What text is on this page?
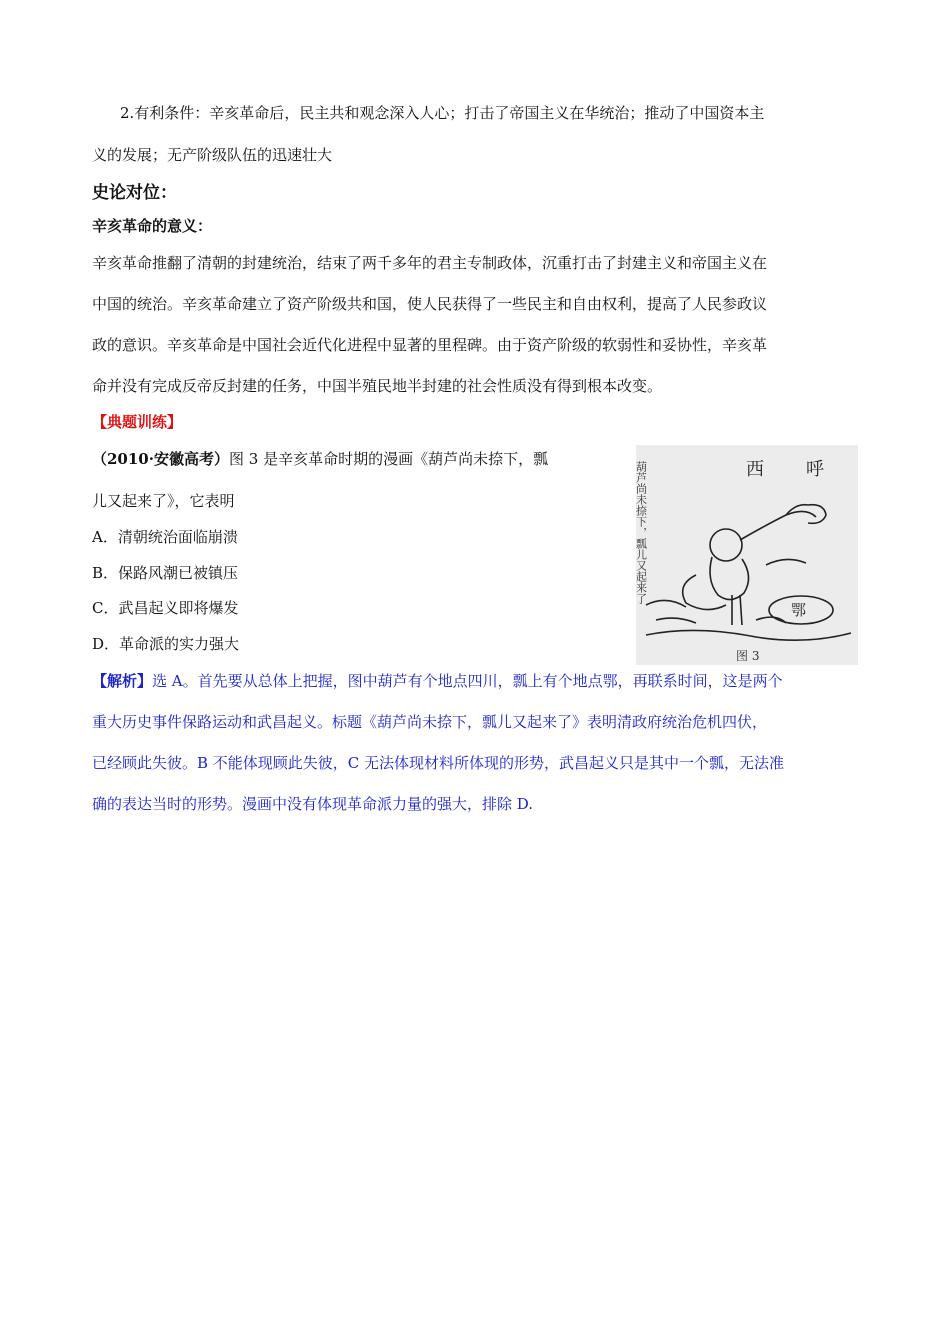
2.有利条件：辛亥革命后，民主共和观念深入人心；打击了帝国主义在华统治；推动了中国资本主
义的发展；无产阶级队伍的迅速壮大
史论对位：
辛亥革命的意义：
辛亥革命推翻了清朝的封建统治，结束了两千多年的君主专制政体，沉重打击了封建主义和帝国主义在
中国的统治。辛亥革命建立了资产阶级共和国，使人民获得了一些民主和自由权利，提高了人民参政议
政的意识。辛亥革命是中国社会近代化进程中显著的里程碑。由于资产阶级的软弱性和妥协性，辛亥革
命并没有完成反帝反封建的任务，中国半殖民地半封建的社会性质没有得到根本改变。
【典题训练】
（2010·安徽高考）图 3 是辛亥革命时期的漫画《葫芦尚未捺下，瓢
儿又起来了》，它表明
A．清朝统治面临崩溃
B．保路风潮已被镇压
C．武昌起义即将爆发
D．革命派的实力强大
西 呼
葫芦尚未捺下，瓢儿又起来了
鄂
图 3
【解析】选 A。首先要从总体上把握，图中葫芦有个地点四川，瓢上有个地点鄂，再联系时间，这是两个
重大历史事件保路运动和武昌起义。标题《葫芦尚未捺下，瓢儿又起来了》表明清政府统治危机四伏，
已经顾此失彼。B 不能体现顾此失彼，C 无法体现材料所体现的形势，武昌起义只是其中一个瓢，无法准
确的表达当时的形势。漫画中没有体现革命派力量的强大，排除 D.
